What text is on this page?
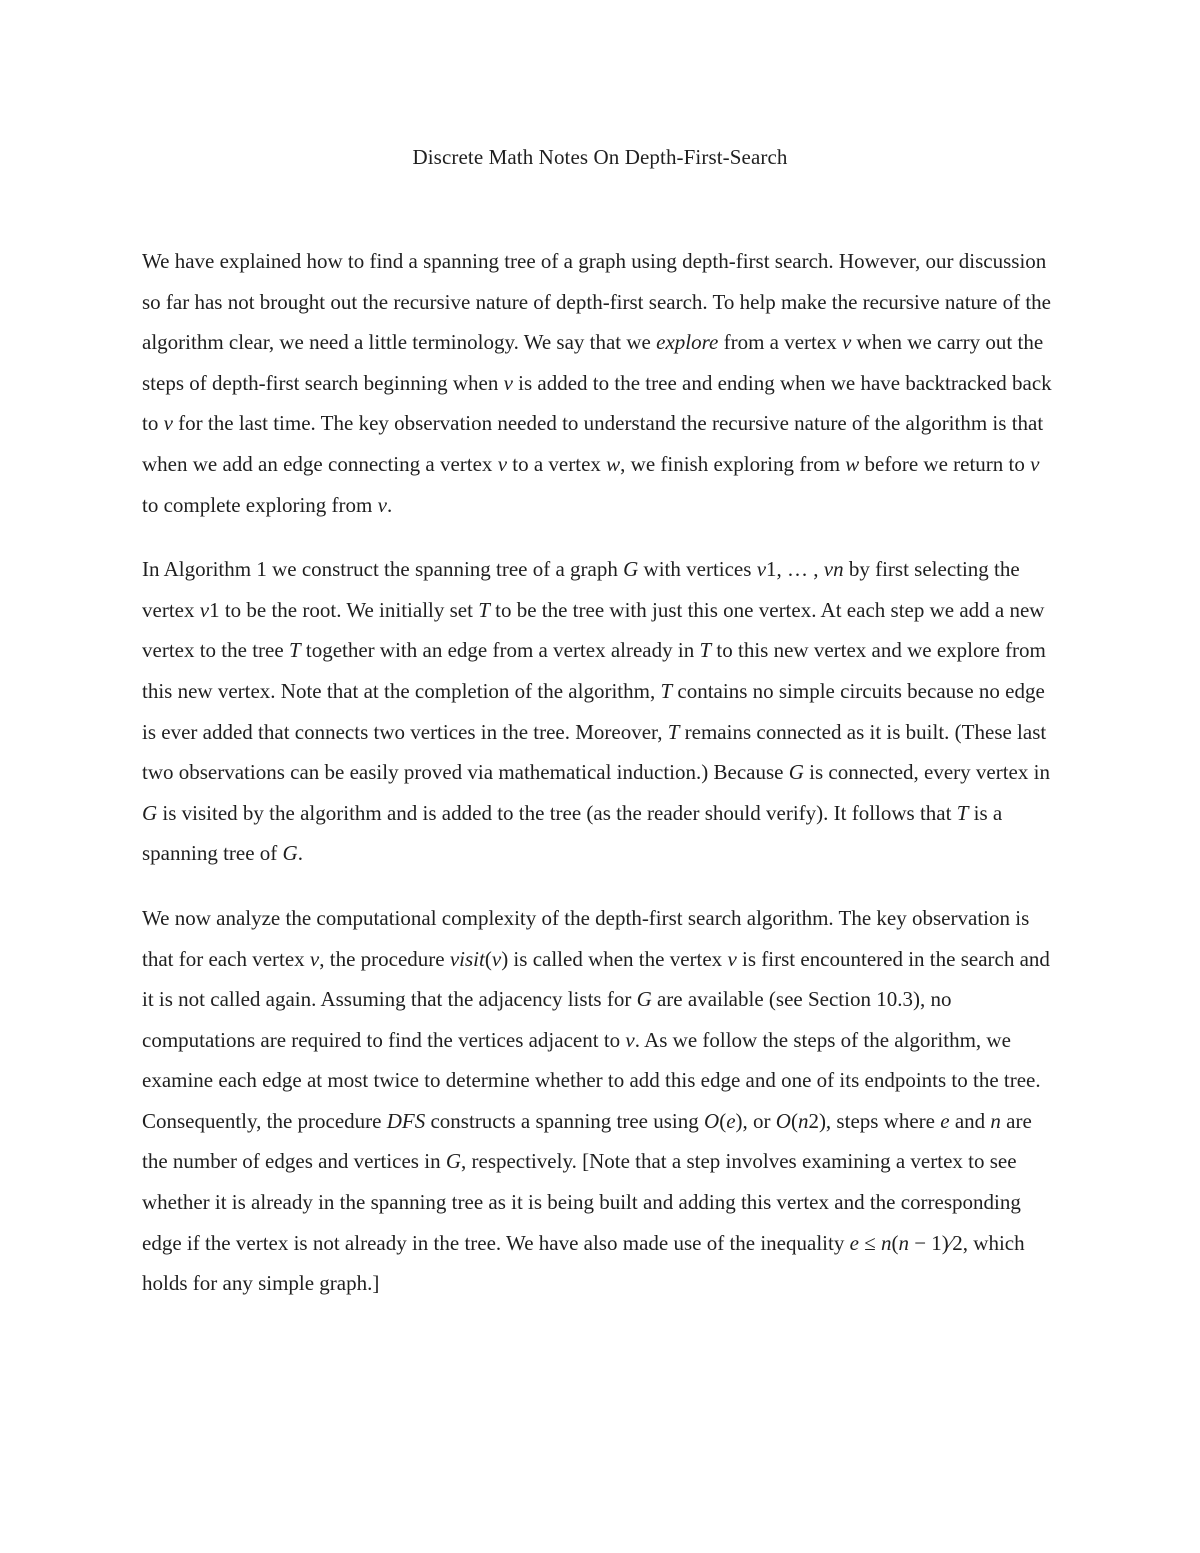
Discrete Math Notes On Depth-First-Search

We have explained how to find a spanning tree of a graph using depth-first search. However, our discussion so far has not brought out the recursive nature of depth-first search. To help make the recursive nature of the algorithm clear, we need a little terminology. We say that we explore from a vertex v when we carry out the steps of depth-first search beginning when v is added to the tree and ending when we have backtracked back to v for the last time. The key observation needed to understand the recursive nature of the algorithm is that when we add an edge connecting a vertex v to a vertex w, we finish exploring from w before we return to v to complete exploring from v.

In Algorithm 1 we construct the spanning tree of a graph G with vertices v1, … , vn by first selecting the vertex v1 to be the root. We initially set T to be the tree with just this one vertex. At each step we add a new vertex to the tree T together with an edge from a vertex already in T to this new vertex and we explore from this new vertex. Note that at the completion of the algorithm, T contains no simple circuits because no edge is ever added that connects two vertices in the tree. Moreover, T remains connected as it is built. (These last two observations can be easily proved via mathematical induction.) Because G is connected, every vertex in G is visited by the algorithm and is added to the tree (as the reader should verify). It follows that T is a spanning tree of G.

We now analyze the computational complexity of the depth-first search algorithm. The key observation is that for each vertex v, the procedure visit(v) is called when the vertex v is first encountered in the search and it is not called again. Assuming that the adjacency lists for G are available (see Section 10.3), no computations are required to find the vertices adjacent to v. As we follow the steps of the algorithm, we examine each edge at most twice to determine whether to add this edge and one of its endpoints to the tree. Consequently, the procedure DFS constructs a spanning tree using O(e), or O(n2), steps where e and n are the number of edges and vertices in G, respectively. [Note that a step involves examining a vertex to see whether it is already in the spanning tree as it is being built and adding this vertex and the corresponding edge if the vertex is not already in the tree. We have also made use of the inequality e ≤ n(n − 1)∕2, which holds for any simple graph.]
